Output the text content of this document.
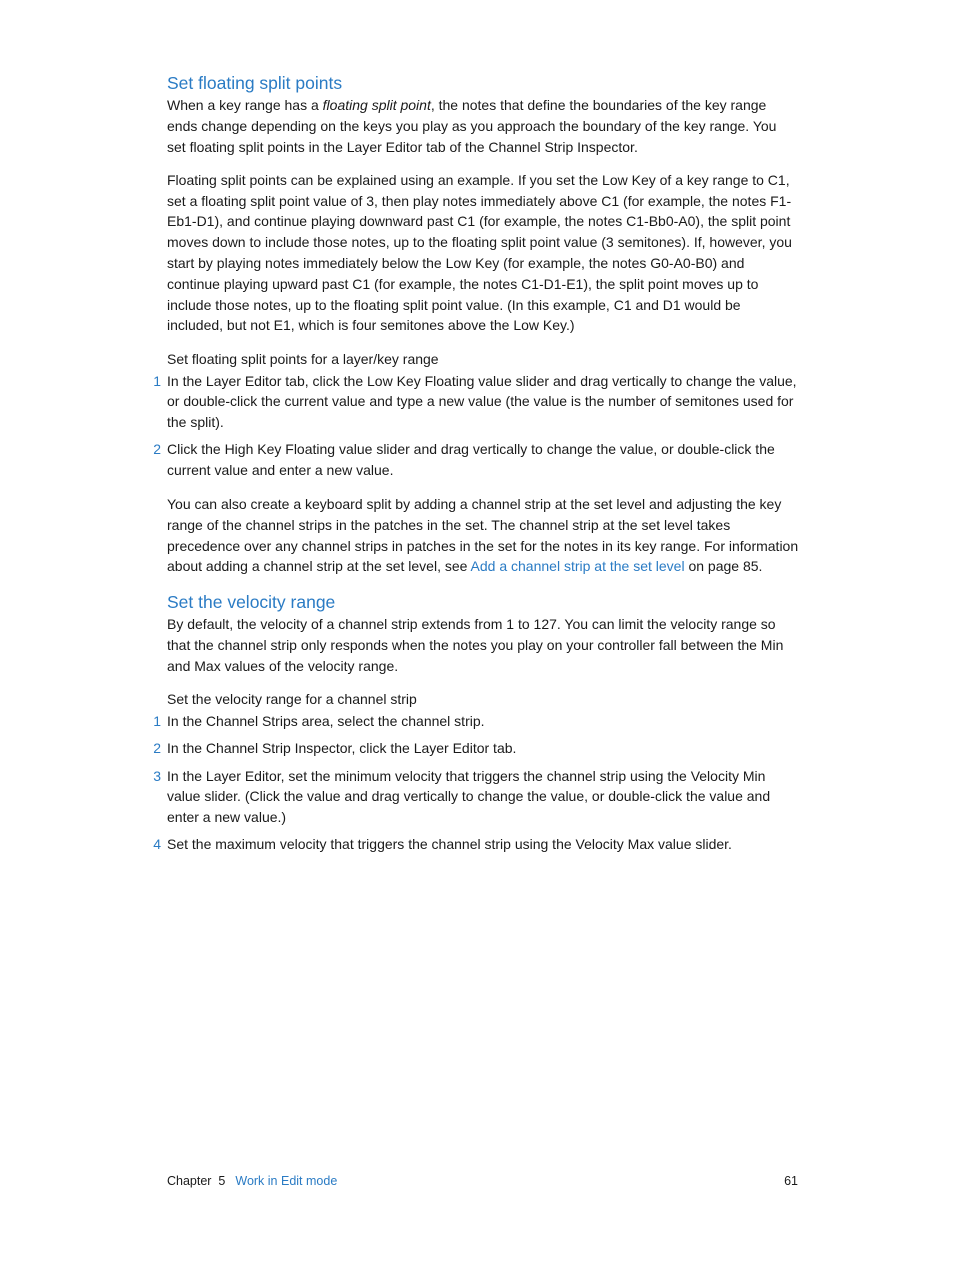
Set floating split points

When a key range has a floating split point, the notes that define the boundaries of the key range ends change depending on the keys you play as you approach the boundary of the key range. You set floating split points in the Layer Editor tab of the Channel Strip Inspector.

Floating split points can be explained using an example. If you set the Low Key of a key range to C1, set a floating split point value of 3, then play notes immediately above C1 (for example, the notes F1-Eb1-D1), and continue playing downward past C1 (for example, the notes C1-Bb0-A0), the split point moves down to include those notes, up to the floating split point value (3 semitones). If, however, you start by playing notes immediately below the Low Key (for example, the notes G0-A0-B0) and continue playing upward past C1 (for example, the notes C1-D1-E1), the split point moves up to include those notes, up to the floating split point value. (In this example, C1 and D1 would be included, but not E1, which is four semitones above the Low Key.)

Set floating split points for a layer/key range
1 In the Layer Editor tab, click the Low Key Floating value slider and drag vertically to change the value, or double-click the current value and type a new value (the value is the number of semitones used for the split).
2 Click the High Key Floating value slider and drag vertically to change the value, or double-click the current value and enter a new value.

You can also create a keyboard split by adding a channel strip at the set level and adjusting the key range of the channel strips in the patches in the set. The channel strip at the set level takes precedence over any channel strips in patches in the set for the notes in its key range. For information about adding a channel strip at the set level, see Add a channel strip at the set level on page 85.

Set the velocity range

By default, the velocity of a channel strip extends from 1 to 127. You can limit the velocity range so that the channel strip only responds when the notes you play on your controller fall between the Min and Max values of the velocity range.

Set the velocity range for a channel strip
1 In the Channel Strips area, select the channel strip.
2 In the Channel Strip Inspector, click the Layer Editor tab.
3 In the Layer Editor, set the minimum velocity that triggers the channel strip using the Velocity Min value slider. (Click the value and drag vertically to change the value, or double-click the value and enter a new value.)
4 Set the maximum velocity that triggers the channel strip using the Velocity Max value slider.
Chapter  5 Work in Edit mode	61
